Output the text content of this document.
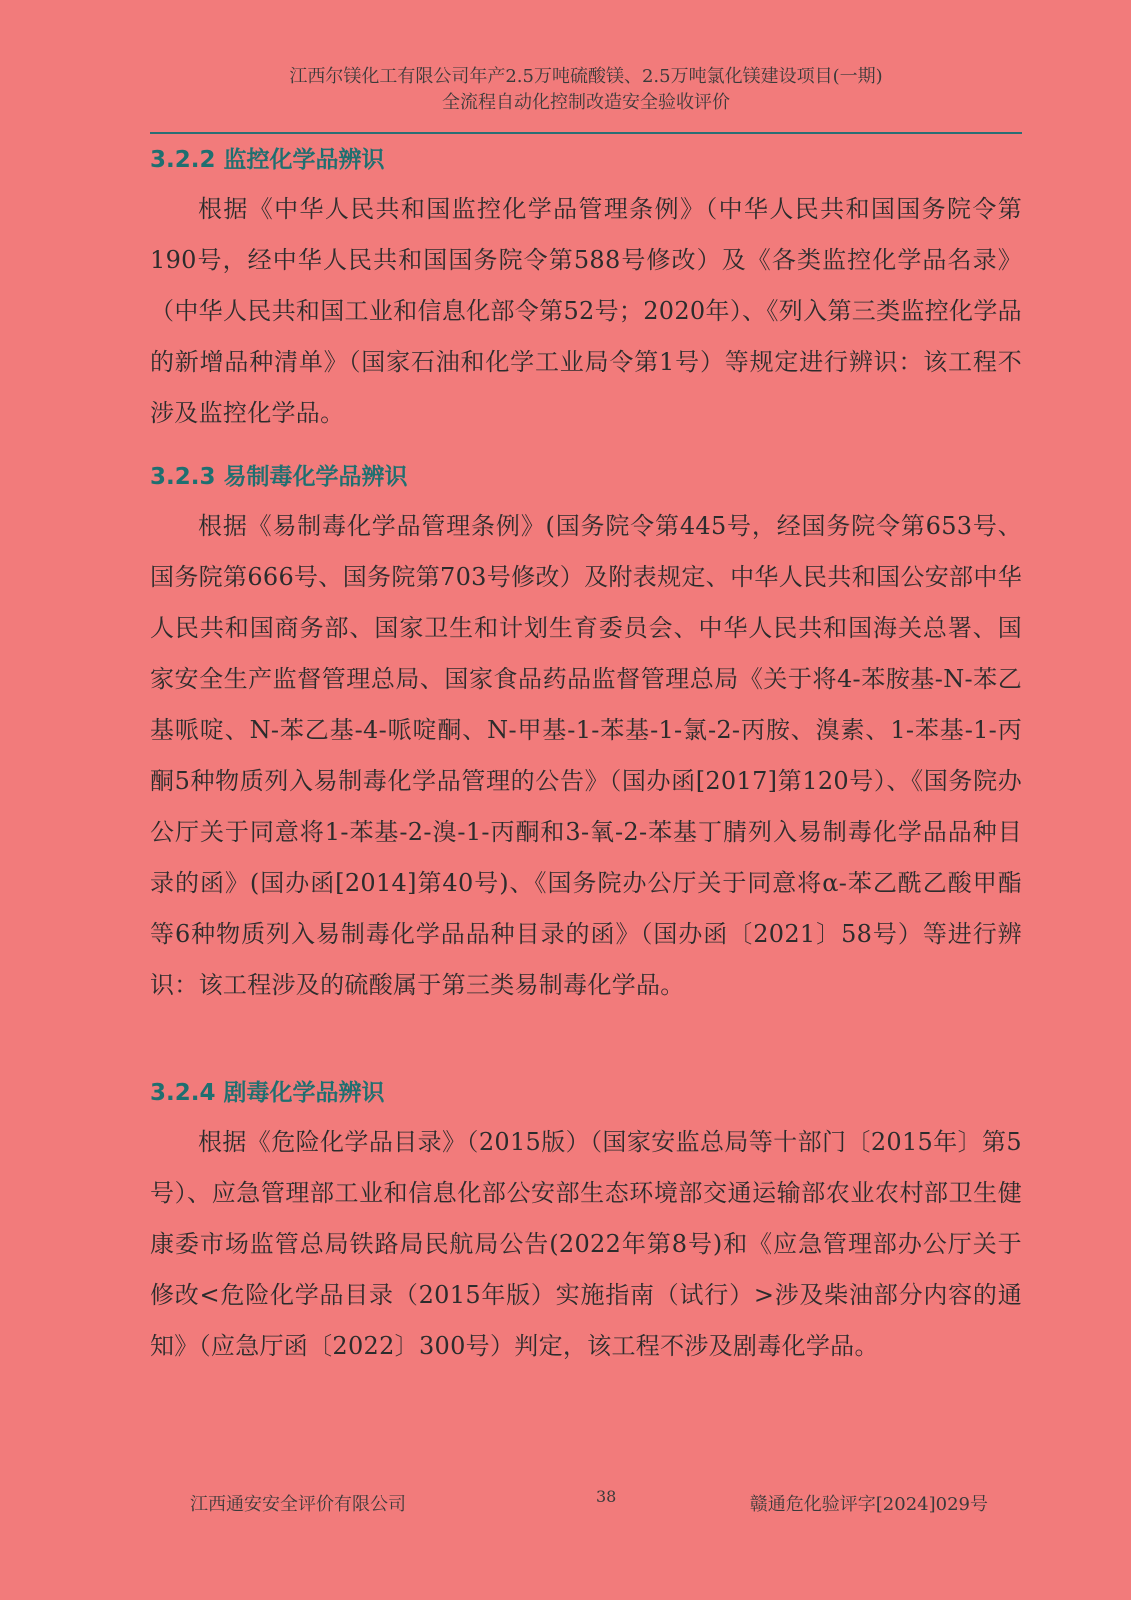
江西尔镁化工有限公司年产2.5万吨硫酸镁、2.5万吨氯化镁建设项目(一期)
全流程自动化控制改造安全验收评价
3.2.2 监控化学品辨识

根据《中华人民共和国监控化学品管理条例》（中华人民共和国国务院令第190号，经中华人民共和国国务院令第588号修改）及《各类监控化学品名录》（中华人民共和国工业和信息化部令第52号；2020年）、《列入第三类监控化学品的新增品种清单》（国家石油和化学工业局令第1号）等规定进行辨识：该工程不涉及监控化学品。

3.2.3 易制毒化学品辨识

根据《易制毒化学品管理条例》(国务院令第445号，经国务院令第653号、国务院第666号、国务院第703号修改）及附表规定、中华人民共和国公安部中华人民共和国商务部、国家卫生和计划生育委员会、中华人民共和国海关总署、国家安全生产监督管理总局、国家食品药品监督管理总局《关于将4-苯胺基-N-苯乙基哌啶、N-苯乙基-4-哌啶酮、N-甲基-1-苯基-1-氯-2-丙胺、溴素、1-苯基-1-丙酮5种物质列入易制毒化学品管理的公告》（国办函[2017]第120号）、《国务院办公厅关于同意将1-苯基-2-溴-1-丙酮和3-氧-2-苯基丁腈列入易制毒化学品品种目录的函》(国办函[2014]第40号)、《国务院办公厅关于同意将α-苯乙酰乙酸甲酯等6种物质列入易制毒化学品品种目录的函》（国办函〔2021〕58号）等进行辨识：该工程涉及的硫酸属于第三类易制毒化学品。

3.2.4 剧毒化学品辨识

根据《危险化学品目录》（2015版）（国家安监总局等十部门〔2015年〕第5号）、应急管理部工业和信息化部公安部生态环境部交通运输部农业农村部卫生健康委市场监管总局铁路局民航局公告(2022年第8号)和《应急管理部办公厅关于修改<危险化学品目录（2015年版）实施指南（试行）>涉及柴油部分内容的通知》（应急厅函〔2022〕300号）判定，该工程不涉及剧毒化学品。

江西通安安全评价有限公司	38	赣通危化验评字[2024]029号
